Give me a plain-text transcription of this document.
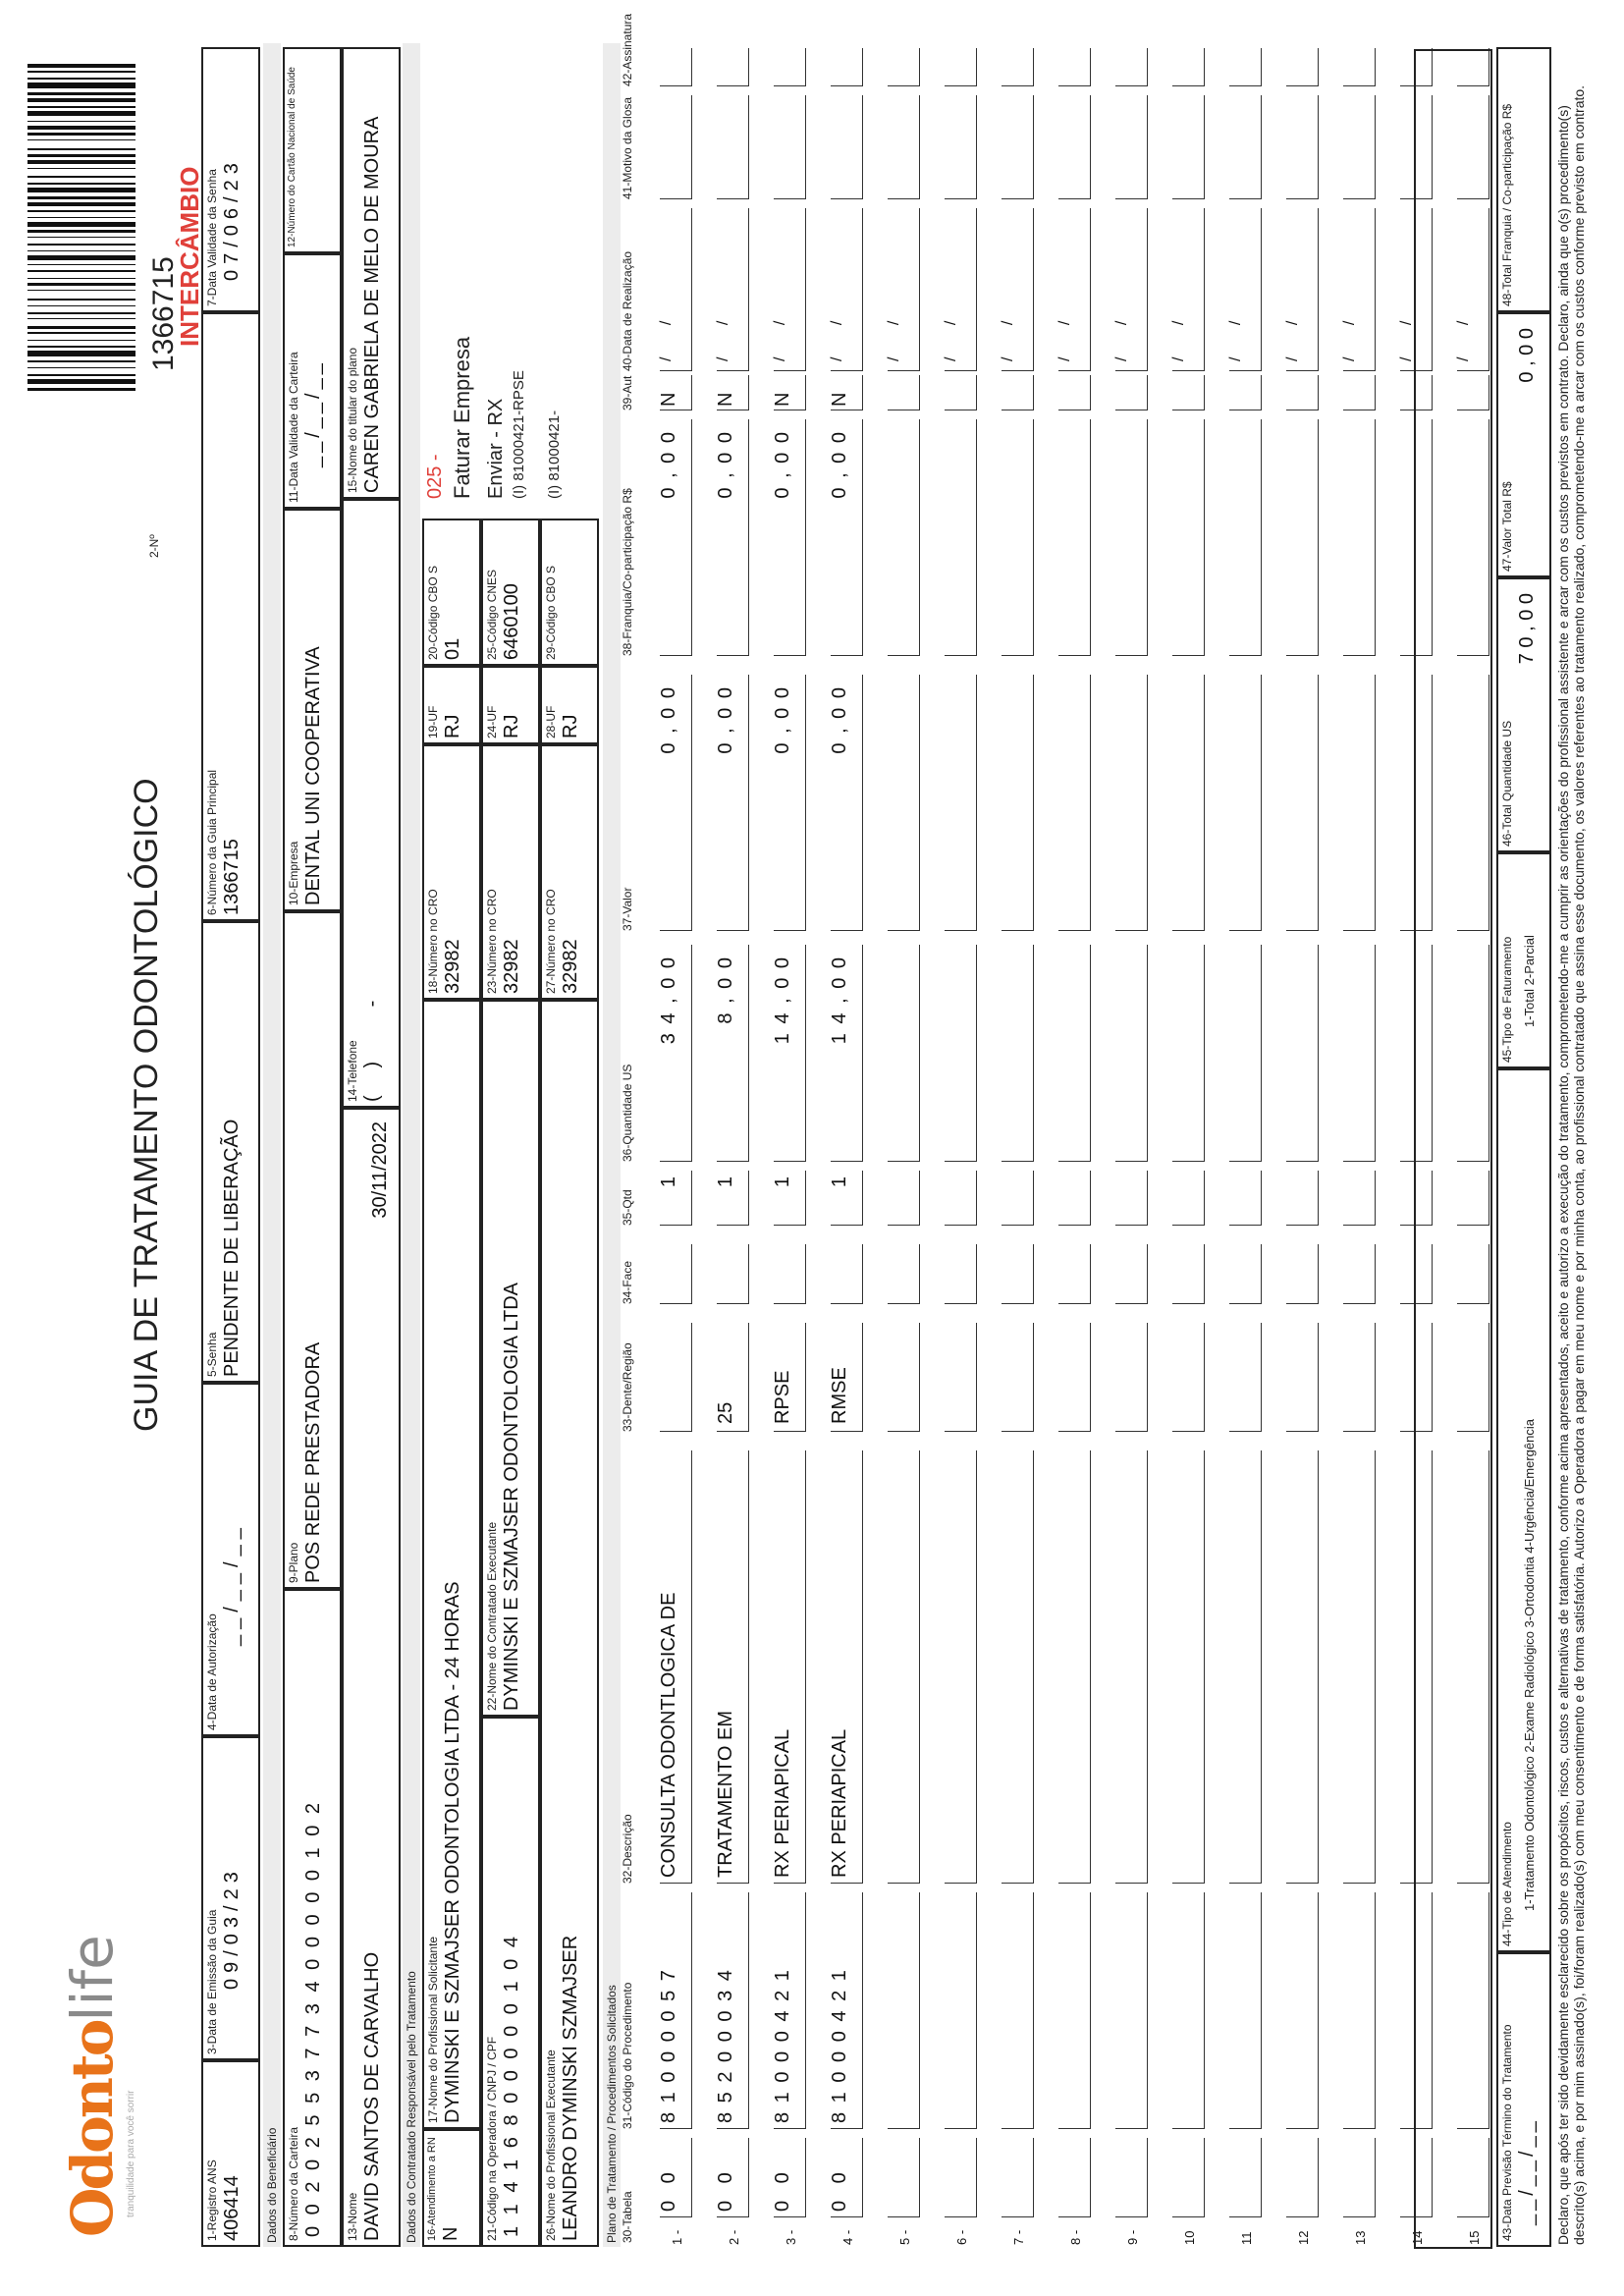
Odontolife
tranquilidade para você sorrir
GUIA DE TRATAMENTO ODONTOLÓGICO
2-Nº
1366715
INTERCÂMBIO
1-Registro ANS 406414
3-Data de Emissão da Guia 09/03/23
4-Data de Autorização
__/__/__
5-Senha PENDENTE DE LIBERAÇÃO
6-Número da Guia Principal 1366715
7-Data Validade da Senha 07/06/23
Dados do Beneficiário 8-Número da Carteira 0 0 2 0 2 5 5 3 7 7 3 4 0 0 0 0 0 1 0 2
9-Plano POS REDE PRESTADORA
10-Empresa DENTAL UNI COOPERATIVA
11-Data Validade da Carteira __/__/__
12-Número do Cartão Nacional de Saúde
13-Nome DAVID SANTOS DE CARVALHO
30/11/2022
14-Telefone (     )          -
15-Nome do titular do plano CAREN GABRIELA DE MELO DE MOURA
Dados do Contratado Responsável pelo Tratamento 16-Atendimento a RN N
17-Nome do Profissional Solicitante DYMINSKI E SZMAJSER ODONTOLOGIA LTDA - 24 HORAS
18-Número no CRO 32982
19-UF RJ
20-Código CBO S 01
025 - Faturar Empresa
21-Código na Operadora / CNPJ / CPF 1 1 4 1 6 8 0 0 0 0 0 1 0 4
22-Nome do Contratado Executante DYMINSKI E SZMAJSER ODONTOLOGIA LTDA
23-Número no CRO 32982
24-UF RJ
25-Código CNES 6460100
Enviar - RX (I) 81000421-RPSE
26-Nome do Profissional Executante LEANDRO DYMINSKI SZMAJSER
27-Número no CRO 32982
28-UF RJ
29-Código CBO S
(I) 81000421-
Plano de Tratamento / Procedimentos Solicitados 30-Tabela
31-Código do Procedimento
32-Descrição
33-Dente/Região
34-Face
35-Qtd
36-Quantidade US
37-Valor
38-Franquia/Co-participação R$
39-Aut
40-Data de Realização
41-Motivo da Glosa
42-Assinatura
1 -
0 0
8 1 0 0 0 0 5 7
CONSULTA ODONTLOGICA DE
1
3 4 , 0 0
0 , 0 0
0 , 0 0
N
/ /
2 -
0 0
8 5 2 0 0 0 3 4
TRATAMENTO EM
25
1
8 , 0 0
0 , 0 0
0 , 0 0
N
/ /
3 -
0 0
8 1 0 0 0 4 2 1
RX PERIAPICAL
RPSE
1
1 4 , 0 0
0 , 0 0
0 , 0 0
N
/ /
4 -
0 0
8 1 0 0 0 4 2 1
RX PERIAPICAL
RMSE
1
1 4 , 0 0
0 , 0 0
0 , 0 0
N
/ /
5 -
/ /
6 -
/ /
7 -
/ /
8 -
/ /
9 -
/ /
10
/ /
11
/ /
12
/ /
13
/ /
14
/ /
15
/ /
43-Data Previsão Término do Tratamento __/__/__
44-Tipo de Atendimento 1-Tratamento Odontológico 2-Exame Radiológico 3-Ortodontia 4-Urgência/Emergência
45-Tipo de Faturamento 1-Total 2-Parcial
46-Total Quantidade US
7 0 , 0 0
47-Valor Total R$
0 , 0 0
48-Total Franquia / Co-participação R$	Declaro, que após ter sido devidamente esclarecido sobre os propósitos, riscos, custos e alternativas de tratamento, conforme acima apresentados, aceito e autorizo a execução do tratamento, comprometendo-me a cumprir as orientações do profissional assistente e arcar com os custos previstos em contrato. Declaro, ainda que o(s) procedimento(s) descrito(s) acima, e por mim assinado(s), foi/foram realizado(s) com meu consentimento e de forma satisfatória. Autorizo a Operadora a pagar em meu nome e por minha conta, ao profissional contratado que assina esse documento, os valores referentes ao tratamento realizado, comprometendo-me a arcar com os custos conforme previsto em contrato.
